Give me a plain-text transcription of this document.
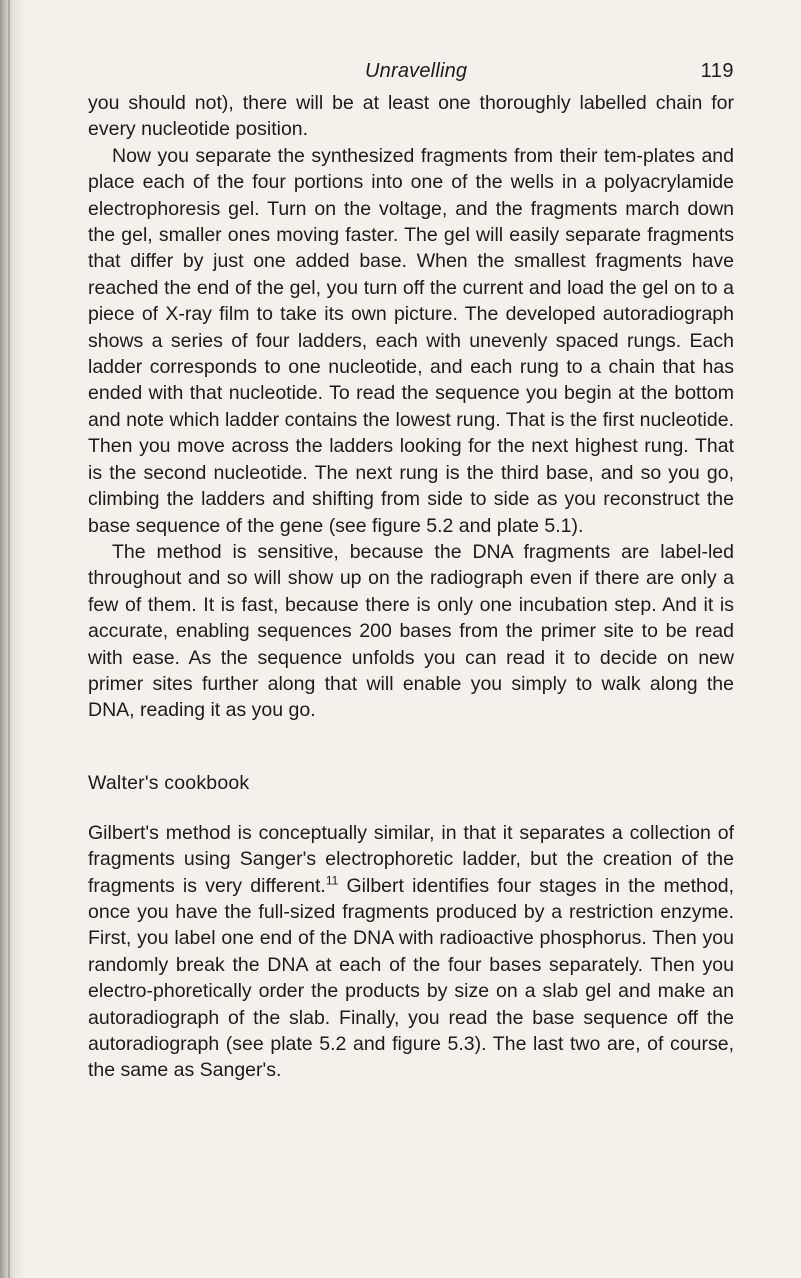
Unravelling	119

you should not), there will be at least one thoroughly labelled chain for every nucleotide position.

Now you separate the synthesized fragments from their tem-plates and place each of the four portions into one of the wells in a polyacrylamide electrophoresis gel. Turn on the voltage, and the fragments march down the gel, smaller ones moving faster. The gel will easily separate fragments that differ by just one added base. When the smallest fragments have reached the end of the gel, you turn off the current and load the gel on to a piece of X-ray film to take its own picture. The developed autoradiograph shows a series of four ladders, each with unevenly spaced rungs. Each ladder corresponds to one nucleotide, and each rung to a chain that has ended with that nucleotide. To read the sequence you begin at the bottom and note which ladder contains the lowest rung. That is the first nucleotide. Then you move across the ladders looking for the next highest rung. That is the second nucleotide. The next rung is the third base, and so you go, climbing the ladders and shifting from side to side as you reconstruct the base sequence of the gene (see figure 5.2 and plate 5.1).

The method is sensitive, because the DNA fragments are label-led throughout and so will show up on the radiograph even if there are only a few of them. It is fast, because there is only one incubation step. And it is accurate, enabling sequences 200 bases from the primer site to be read with ease. As the sequence unfolds you can read it to decide on new primer sites further along that will enable you simply to walk along the DNA, reading it as you go.

Walter's cookbook

Gilbert's method is conceptually similar, in that it separates a collection of fragments using Sanger's electrophoretic ladder, but the creation of the fragments is very different.$^{11}$ Gilbert identifies four stages in the method, once you have the full-sized fragments produced by a restriction enzyme. First, you label one end of the DNA with radioactive phosphorus. Then you randomly break the DNA at each of the four bases separately. Then you electro-phoretically order the products by size on a slab gel and make an autoradiograph of the slab. Finally, you read the base sequence off the autoradiograph (see plate 5.2 and figure 5.3). The last two are, of course, the same as Sanger's.
